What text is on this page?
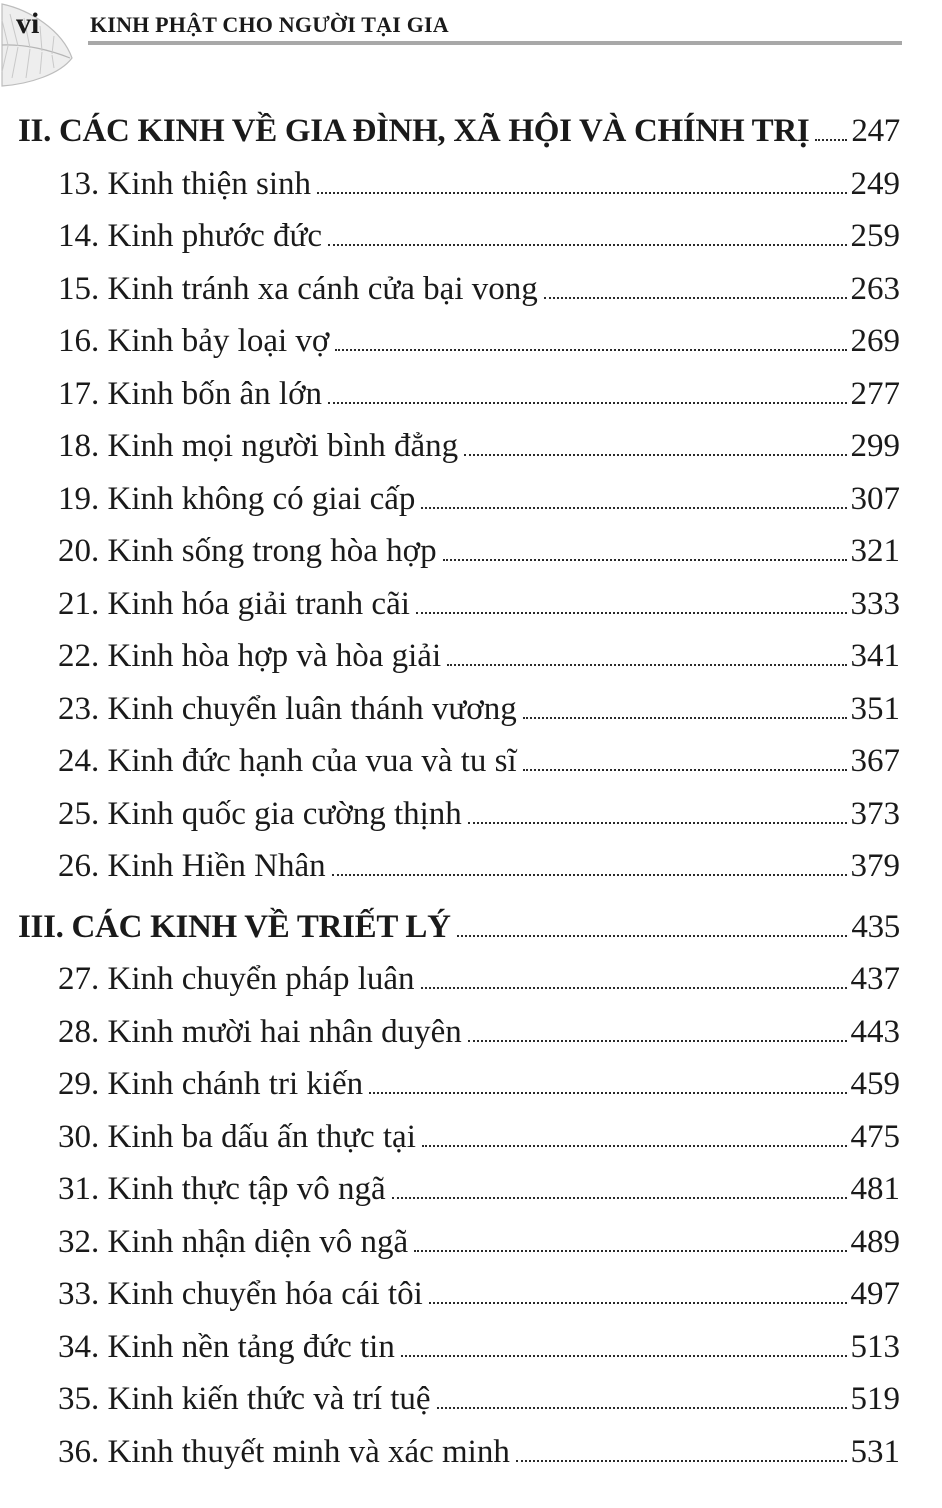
vi KINH PHẬT CHO NGƯỜI TẠI GIA
II. CÁC KINH VỀ GIA ĐÌNH, XÃ HỘI VÀ CHÍNH TRỊ 247
13. Kinh thiện sinh	249
14. Kinh phước đức	259
15. Kinh tránh xa cánh cửa bại vong	263
16. Kinh bảy loại vợ	269
17. Kinh bốn ân lớn	277
18. Kinh mọi người bình đẳng	299
19. Kinh không có giai cấp	307
20. Kinh sống trong hòa hợp	321
21. Kinh hóa giải tranh cãi	333
22. Kinh hòa hợp và hòa giải	341
23. Kinh chuyển luân thánh vương	351
24. Kinh đức hạnh của vua và tu sĩ	367
25. Kinh quốc gia cường thịnh	373
26. Kinh Hiền Nhân	379
III. CÁC KINH VỀ TRIẾT LÝ	435
27. Kinh chuyển pháp luân	437
28. Kinh mười hai nhân duyên	443
29. Kinh chánh tri kiến	459
30. Kinh ba dấu ấn thực tại	475
31. Kinh thực tập vô ngã	481
32. Kinh nhận diện vô ngã	489
33. Kinh chuyển hóa cái tôi	497
34. Kinh nền tảng đức tin	513
35. Kinh kiến thức và trí tuệ	519
36. Kinh thuyết minh và xác minh	531
